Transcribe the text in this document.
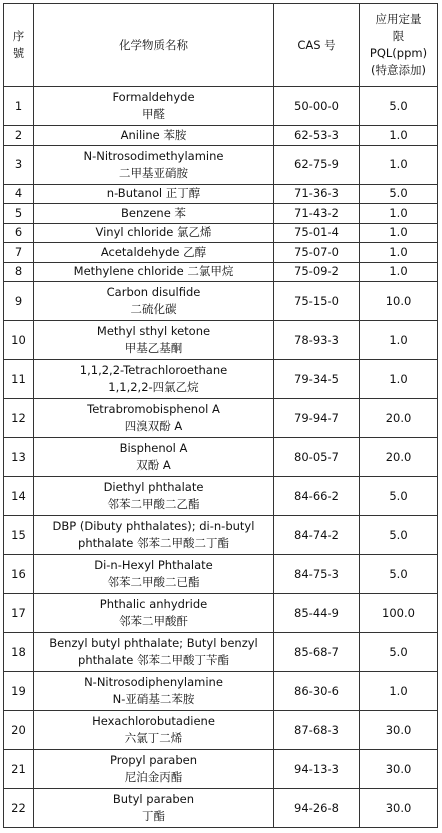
序
號	化学物质名称	CAS 号	应用定量
限
PQL(ppm)
(特意添加)

1	Formaldehyde
甲醛	50-00-0	5.0
2	Aniline 苯胺	62-53-3	1.0
3	N-Nitrosodimethylamine
二甲基亚硝胺	62-75-9	1.0
4	n-Butanol 正丁醇	71-36-3	5.0
5	Benzene 苯	71-43-2	1.0
6	Vinyl chloride 氯乙烯	75-01-4	1.0
7	Acetaldehyde 乙醇	75-07-0	1.0
8	Methylene chloride 二氯甲烷	75-09-2	1.0
9	Carbon disulfide
二硫化碳	75-15-0	10.0
10	Methyl sthyl ketone
甲基乙基酮	78-93-3	1.0
11	1,1,2,2-Tetrachloroethane
1,1,2,2-四氯乙烷	79-34-5	1.0
12	Tetrabromobisphenol A
四溴双酚 A	79-94-7	20.0
13	Bisphenol A
双酚 A	80-05-7	20.0
14	Diethyl phthalate
邻苯二甲酸二乙酯	84-66-2	5.0
15	DBP (Dibuty phthalates); di-n-butyl
phthalate 邻苯二甲酸二丁酯	84-74-2	5.0
16	Di-n-Hexyl Phthalate
邻苯二甲酸二已酯	84-75-3	5.0
17	Phthalic anhydride
邻苯二甲酸酐	85-44-9	100.0
18	Benzyl butyl phthalate; Butyl benzyl
phthalate 邻苯二甲酸丁苄酯	85-68-7	5.0
19	N-Nitrosodiphenylamine
N-亚硝基二苯胺	86-30-6	1.0
20	Hexachlorobutadiene
六氯丁二烯	87-68-3	30.0
21	Propyl paraben
尼泊金丙酯	94-13-3	30.0
22	Butyl paraben
丁酯	94-26-8	30.0
